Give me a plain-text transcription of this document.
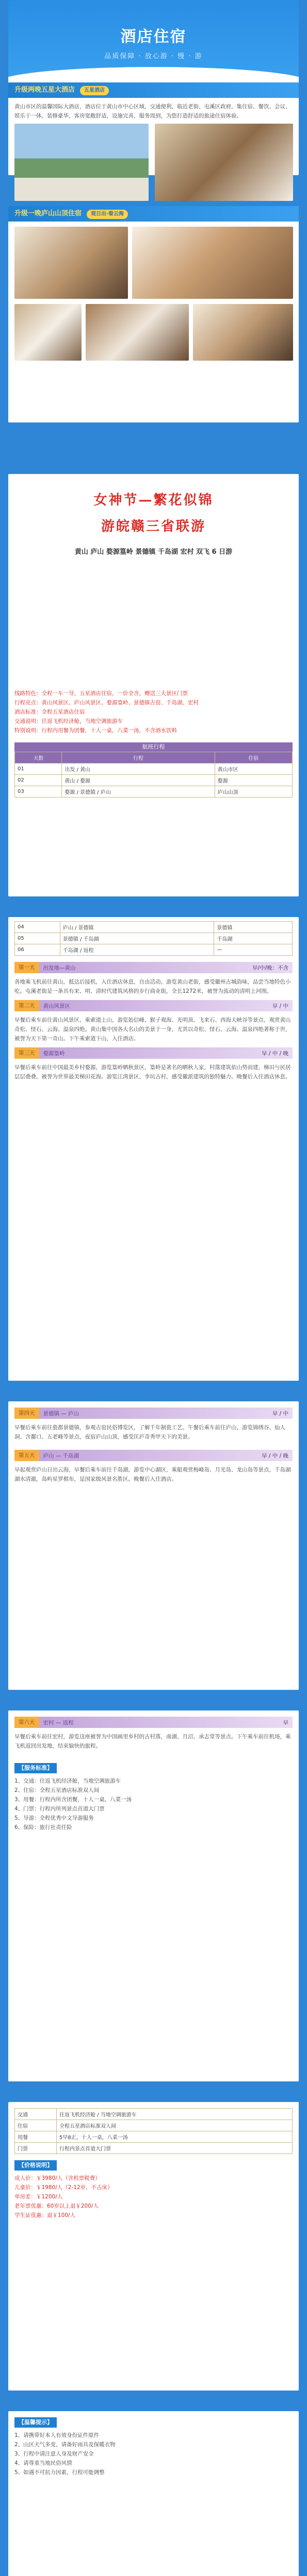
酒店住宿
品质保障 · 放心游 · 慢 · 游
升级两晚五星大酒店 五星酒店
黄山市区的温馨国际大酒店，酒店位于黄山市中心区域，交通便利，临近老街、屯溪区政府，集住宿、餐饮、会议、娱乐于一体，装修豪华，客房宽敞舒适，设施完善，服务周到，为您打造舒适的旅途住宿体验。
升级一晚庐山山顶住宿 观日出·看云海
女神节—繁花似锦
游皖赣三省联游
黄山 庐山 婺源篁岭 景德镇 千岛湖 宏村 双飞 6 日游
线路特色：全程一车一导，五星酒店住宿，一价全含，赠送三大景区门票
行程亮点：黄山风景区、庐山风景区、婺源篁岭、景德镇古窑、千岛湖、宏村
酒店标准：全程五星酒店住宿
交通说明：往返飞机经济舱，当地空调旅游车
特别说明：行程内用餐为团餐，十人一桌，八菜一汤，不含酒水饮料
航班行程
天数	行程	住宿
01	出发 / 黄山	黄山市区
02	黄山 / 婺源	婺源
03	婺源 / 景德镇 / 庐山	庐山山顶
04	庐山 / 景德镇	景德镇
05	景德镇 / 千岛湖	千岛湖
06	千岛湖 / 返程	—
第一天	出发地—黄山	早/中/晚：不含
各地乘飞机前往黄山，抵达后接机，入住酒店休息，自由活动。游览黄山老街，感受徽州古城韵味，品尝当地特色小吃。屯溪老街是一条具有宋、明、清时代建筑风格的步行商业街，全长1272米，被誉为流动的清明上河图。
第二天	黄山风景区	早 / 中
早餐后乘车前往黄山风景区，乘索道上山，游览始信峰、猴子观海、光明顶、飞来石、西海大峡谷等景点，观赏黄山奇松、怪石、云海、温泉四绝。黄山集中国各大名山的美景于一身，尤其以奇松、怪石、云海、温泉四绝著称于世，被誉为天下第一奇山。下午乘索道下山，入住酒店。
第三天	婺源篁岭	早 / 中 / 晚
早餐后乘车前往中国最美乡村婺源，游览篁岭晒秋景区，篁岭是著名的晒秋人家，村落建筑依山势而建，梯田与民居层层叠叠，被誉为世界最美梯田花海。游览江湾景区、李坑古村，感受徽派建筑的独特魅力。晚餐后入住酒店休息。
第四天	景德镇 — 庐山	早 / 中
早餐后乘车前往瓷都景德镇，参观古窑民俗博览区，了解千年制瓷工艺。午餐后乘车前往庐山，游览锦绣谷、仙人洞、含鄱口、五老峰等景点，夜宿庐山山顶，感受匡庐奇秀甲天下的美景。
第五天	庐山 — 千岛湖	早 / 中 / 晚
早起观赏庐山日出云海，早餐后乘车前往千岛湖，游览中心湖区，乘船观赏梅峰岛、月光岛、龙山岛等景点，千岛湖湖水清澈，岛屿星罗棋布，是国家级风景名胜区。晚餐后入住酒店。
第六天	宏村 — 返程	早
早餐后乘车前往宏村，游览这座被誉为中国画里乡村的古村落，南湖、月沼、承志堂等景点。下午乘车前往机场，乘飞机返回出发地，结束愉快的旅程。
【服务标准】
1、交通：往返飞机经济舱，当地空调旅游车
2、住宿：全程五星酒店标准双人间
3、用餐：行程内所含团餐，十人一桌，八菜一汤
4、门票：行程内所列景点首道大门票
5、导游：全程优秀中文导游服务
6、保险：旅行社责任险
交通	往返飞机经济舱 / 当地空调旅游车
住宿	全程五星酒店标准双人间
用餐	5早8正，十人一桌，八菜一汤
门票	行程内景点首道大门票
【价格说明】
成人价：￥3980/人（含机票税费）
儿童价：￥1980/人（2-12岁，不占床）
单房差：￥1200/人
老年票优惠：60岁以上退￥200/人
学生证优惠：退￥100/人
【温馨提示】
1、请携带好本人有效身份证件原件
2、山区天气多变，请备好雨具及保暖衣物
3、行程中请注意人身及财产安全
4、请尊重当地民俗风情
5、如遇不可抗力因素，行程可能调整
